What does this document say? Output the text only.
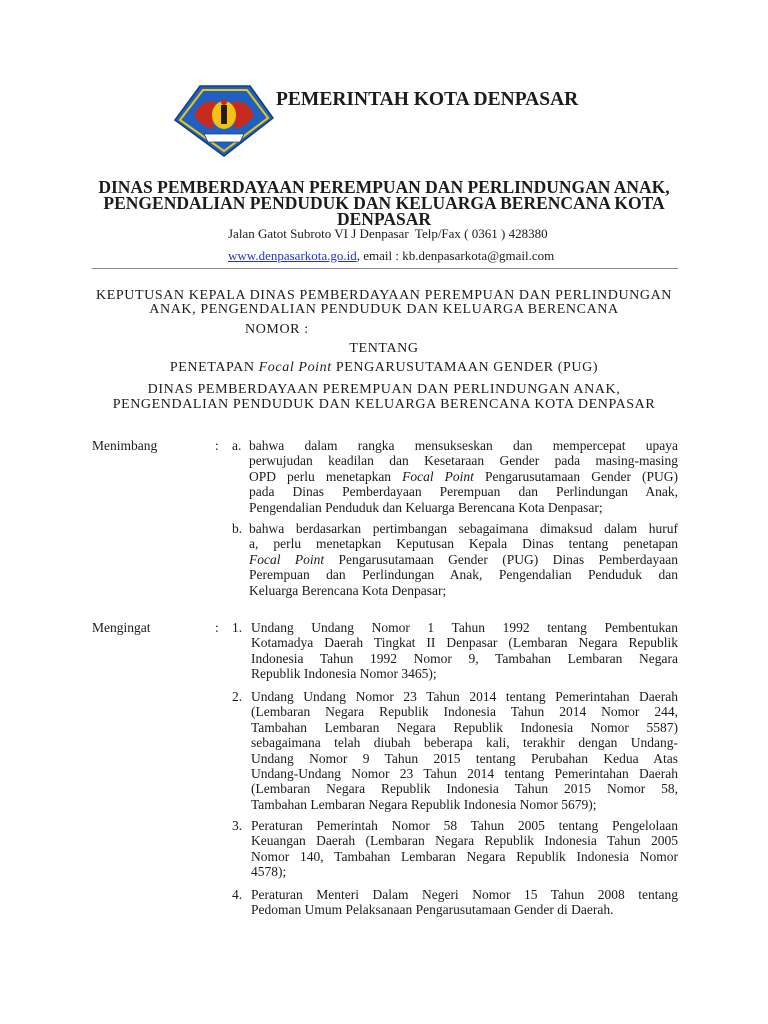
PEMERINTAH KOTA DENPASAR
DINAS PEMBERDAYAAN PEREMPUAN DAN PERLINDUNGAN ANAK,
PENGENDALIAN PENDUDUK DAN KELUARGA BERENCANA KOTA
DENPASAR
Jalan Gatot Subroto VI J Denpasar  Telp/Fax ( 0361 ) 428380
www.denpasarkota.go.id, email : kb.denpasarkota@gmail.com
KEPUTUSAN KEPALA DINAS PEMBERDAYAAN PEREMPUAN DAN PERLINDUNGAN
ANAK, PENGENDALIAN PENDUDUK DAN KELUARGA BERENCANA
NOMOR :
TENTANG
PENETAPAN Focal Point PENGARUSUTAMAAN GENDER (PUG)
DINAS PEMBERDAYAAN PEREMPUAN DAN PERLINDUNGAN ANAK,
PENGENDALIAN PENDUDUK DAN KELUARGA BERENCANA KOTA DENPASAR
Menimbang	: a. bahwa dalam rangka mensukseskan dan mempercepat upaya
perwujudan keadilan dan Kesetaraan Gender pada masing-masing
OPD perlu menetapkan Focal Point Pengarusutamaan Gender (PUG)
pada Dinas Pemberdayaan Perempuan dan Perlindungan Anak,
Pengendalian Penduduk dan Keluarga Berencana Kota Denpasar;
b. bahwa berdasarkan pertimbangan sebagaimana dimaksud dalam huruf
a, perlu menetapkan Keputusan Kepala Dinas tentang penetapan
Focal Point Pengarusutamaan Gender (PUG) Dinas Pemberdayaan
Perempuan dan Perlindungan Anak, Pengendalian Penduduk dan
Keluarga Berencana Kota Denpasar;
Mengingat	: 1. Undang Undang Nomor 1 Tahun 1992 tentang Pembentukan
Kotamadya Daerah Tingkat II Denpasar (Lembaran Negara Republik
Indonesia Tahun 1992 Nomor 9, Tambahan Lembaran Negara
Republik Indonesia Nomor 3465);
2. Undang Undang Nomor 23 Tahun 2014 tentang Pemerintahan Daerah
(Lembaran Negara Republik Indonesia Tahun 2014 Nomor 244,
Tambahan Lembaran Negara Republik Indonesia Nomor 5587)
sebagaimana telah diubah beberapa kali, terakhir dengan Undang-
Undang Nomor 9 Tahun 2015 tentang Perubahan Kedua Atas
Undang-Undang Nomor 23 Tahun 2014 tentang Pemerintahan Daerah
(Lembaran Negara Republik Indonesia Tahun 2015 Nomor 58,
Tambahan Lembaran Negara Republik Indonesia Nomor 5679);
3. Peraturan Pemerintah Nomor 58 Tahun 2005 tentang Pengelolaan
Keuangan Daerah (Lembaran Negara Republik Indonesia Tahun 2005
Nomor 140, Tambahan Lembaran Negara Republik Indonesia Nomor
4578);
4. Peraturan Menteri Dalam Negeri Nomor 15 Tahun 2008 tentang
Pedoman Umum Pelaksanaan Pengarusutamaan Gender di Daerah.
